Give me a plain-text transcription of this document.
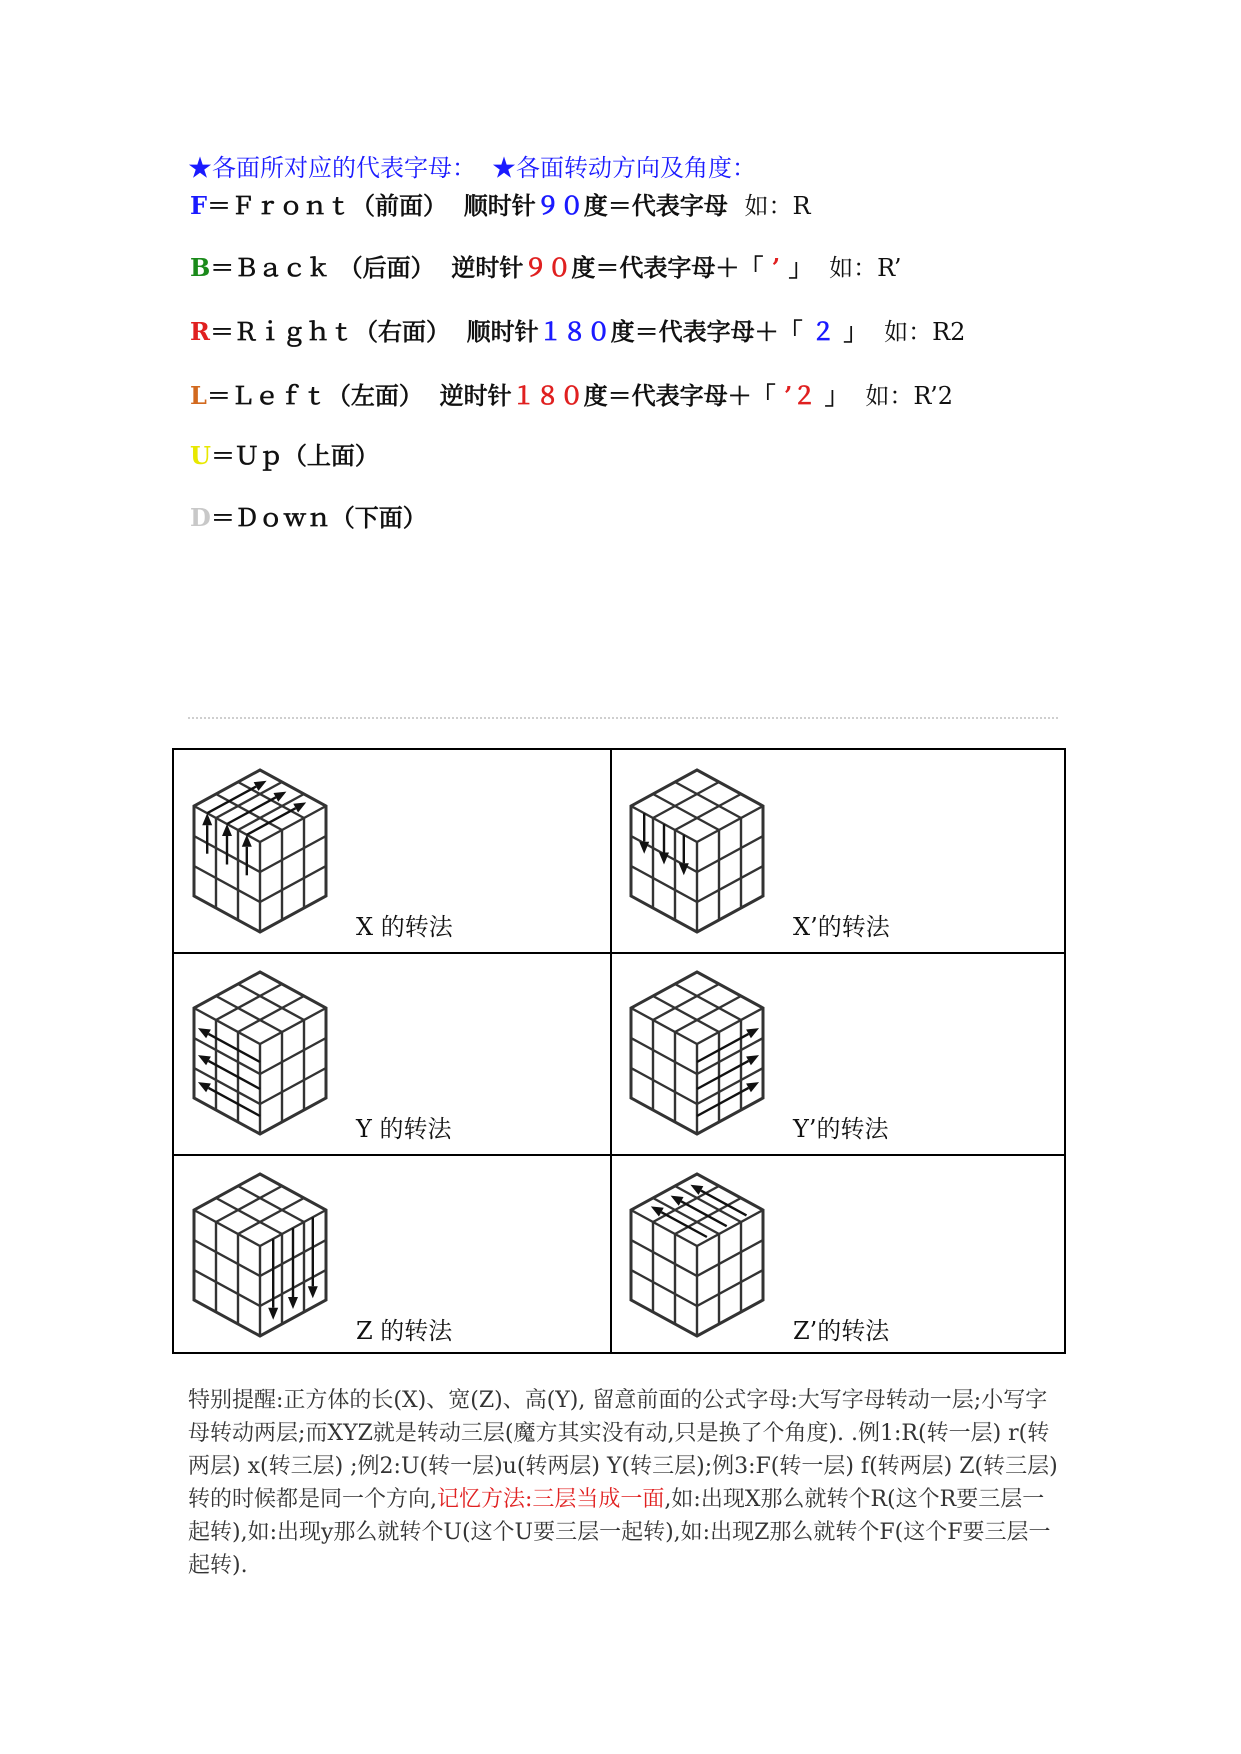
★各面所对应的代表字母： ★各面转动方向及角度：
F＝Ｆｒｏｎｔ（前面） 顺时针９０度＝代表字母 如：R
B＝Ｂａｃｋ （后面） 逆时针９０度＝代表字母＋「 ’ 」 如：R’
R＝Ｒｉｇｈｔ（右面） 顺时针１８０度＝代表字母＋「 ２ 」 如：R2
L＝Ｌｅｆｔ（左面） 逆时针１８０度＝代表字母＋「 ’２ 」 如：R’2
U＝Ｕｐ（上面）
D＝Ｄｏｗｎ（下面）
X 的转法	X’的转法
Y 的转法	Y’的转法
Z 的转法	Z’的转法
特别提醒:正方体的长(X)、宽(Z)、高(Y), 留意前面的公式字母:大写字母转动一层;小写字母转动两层;而XYZ就是转动三层(魔方其实没有动,只是换了个角度). .例1:R(转一层) r(转两层) x(转三层) ;例2:U(转一层)u(转两层) Y(转三层);例3:F(转一层) f(转两层) Z(转三层) 转的时候都是同一个方向,记忆方法:三层当成一面,如:出现X那么就转个R(这个R要三层一起转),如:出现y那么就转个U(这个U要三层一起转),如:出现Z那么就转个F(这个F要三层一起转).
